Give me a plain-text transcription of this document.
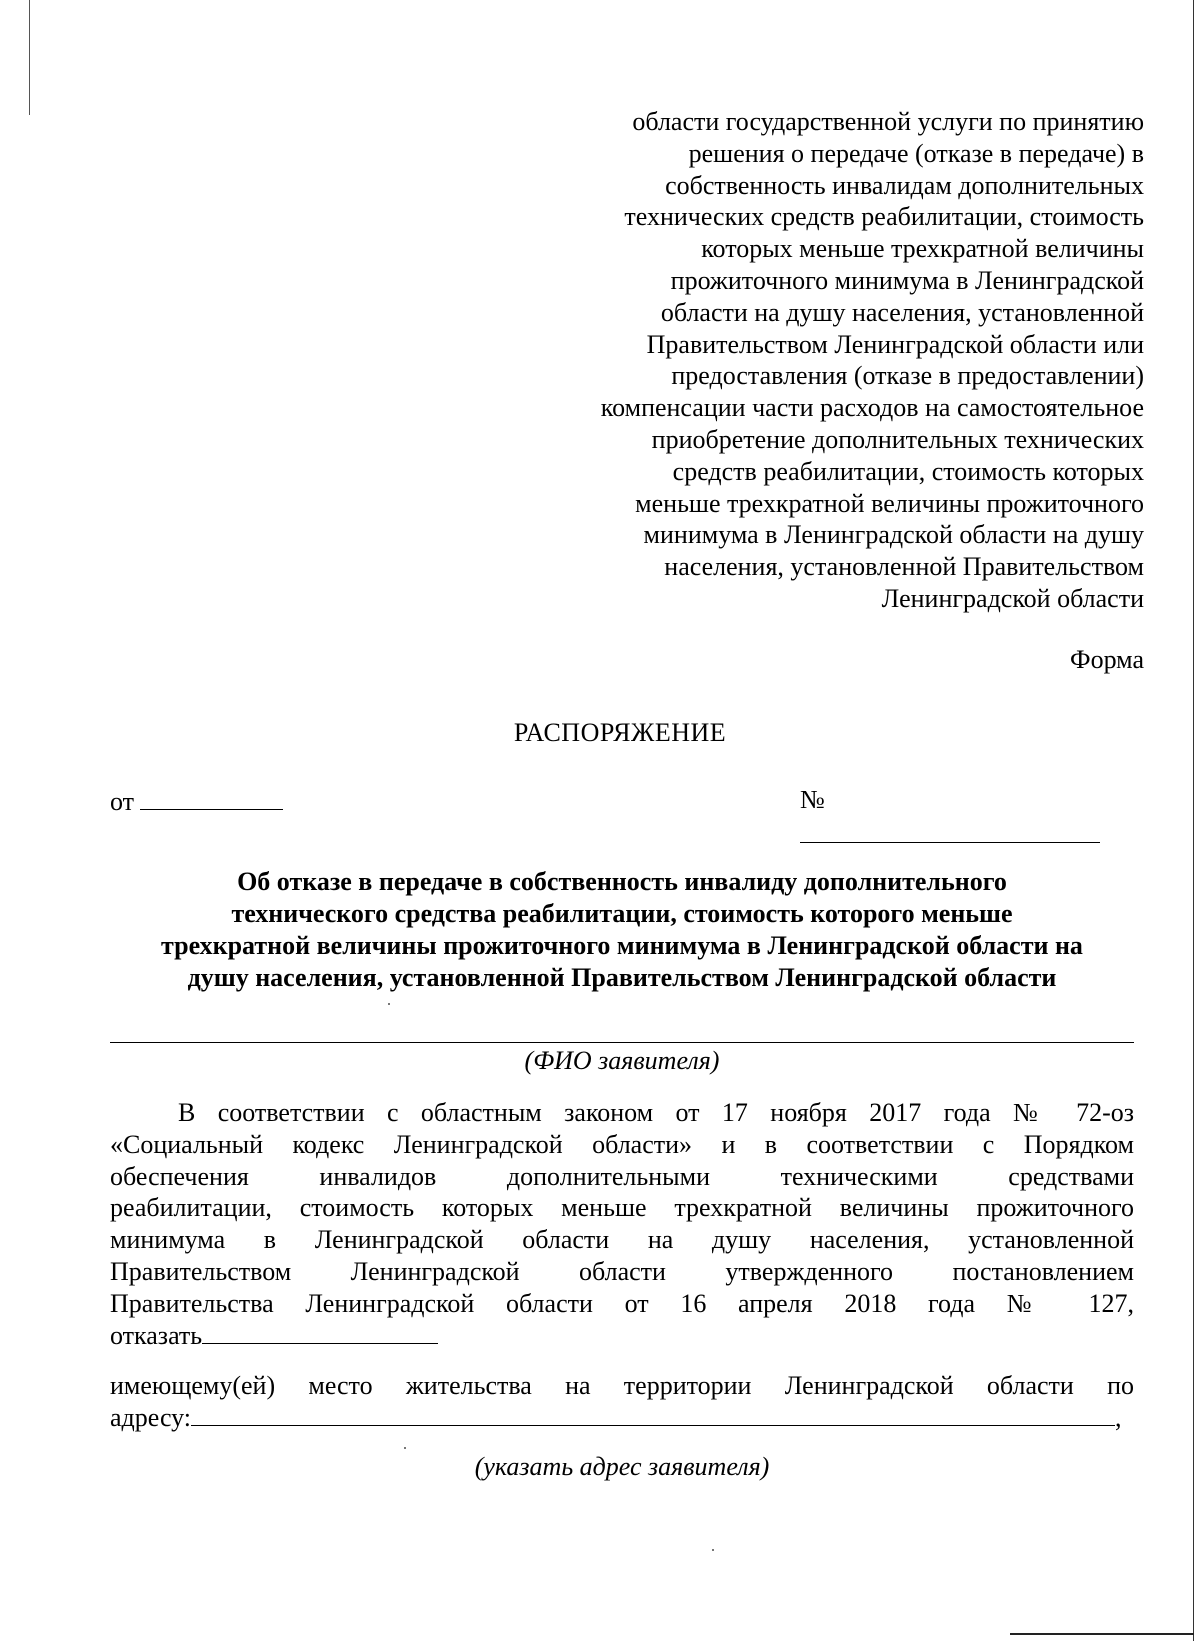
области государственной услуги по принятию
решения о передаче (отказе в передаче) в
собственность инвалидам дополнительных
технических средств реабилитации, стоимость
которых меньше трехкратной величины
прожиточного минимума в Ленинградской
области на душу населения, установленной
Правительством Ленинградской области или
предоставления (отказе в предоставлении)
компенсации части расходов на самостоятельное
приобретение дополнительных технических
средств реабилитации, стоимость которых
меньше трехкратной величины прожиточного
минимума в Ленинградской области на душу
населения, установленной Правительством
Ленинградской области
Форма
РАСПОРЯЖЕНИЕ
от	№
Об отказе в передаче в собственность инвалиду дополнительного
технического средства реабилитации, стоимость которого меньше
трехкратной величины прожиточного минимума в Ленинградской области на
душу населения, установленной Правительством Ленинградской области
(ФИО заявителя)
В соответствии с областным законом от 17 ноября 2017 года № 72-оз
«Социальный кодекс Ленинградской области» и в соответствии с Порядком
обеспечения инвалидов дополнительными техническими средствами
реабилитации, стоимость которых меньше трехкратной величины прожиточного
минимума в Ленинградской области на душу населения, установленной
Правительством Ленинградской области утвержденного постановлением
Правительства Ленинградской области от 16 апреля 2018 года № 127,
отказать
имеющему(ей) место жительства на территории Ленинградской области по
адресу:	,
(указать адрес заявителя)
